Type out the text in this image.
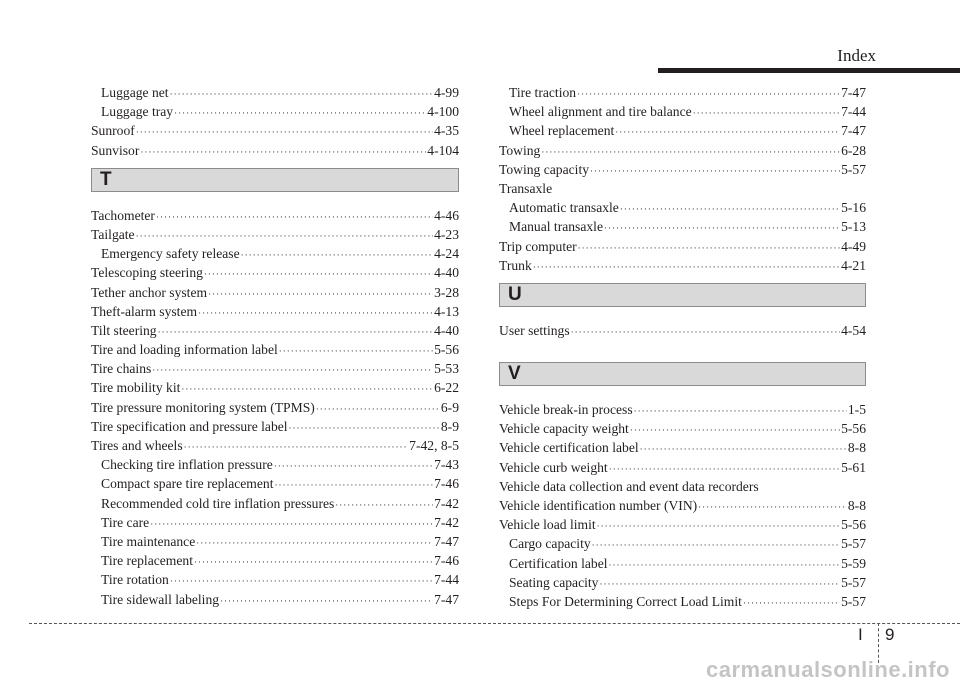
Index
Luggage net ·····	4-99
Luggage tray ·····	4-100
Sunroof ·····	4-35
Sunvisor ·····	4-104
T
Tachometer ·····	4-46
Tailgate ·····	4-23
Emergency safety release ·····	4-24
Telescoping steering ·····	4-40
Tether anchor system ·····	3-28
Theft-alarm system ·····	4-13
Tilt steering ·····	4-40
Tire and loading information label ·····	5-56
Tire chains ·····	5-53
Tire mobility kit ·····	6-22
Tire pressure monitoring system (TPMS) ·····	6-9
Tire specification and pressure label ·····	8-9
Tires and wheels ·····	7-42, 8-5
Checking tire inflation pressure ·····	7-43
Compact spare tire replacement ·····	7-46
Recommended cold tire inflation pressures ·····	7-42
Tire care ·····	7-42
Tire maintenance ·····	7-47
Tire replacement ·····	7-46
Tire rotation ·····	7-44
Tire sidewall labeling ·····	7-47
Tire traction ·····	7-47
Wheel alignment and tire balance ·····	7-44
Wheel replacement ·····	7-47
Towing ·····	6-28
Towing capacity ·····	5-57
Transaxle
Automatic transaxle ·····	5-16
Manual transaxle ·····	5-13
Trip computer ·····	4-49
Trunk ·····	4-21
U
User settings ·····	4-54
V
Vehicle break-in process ·····	1-5
Vehicle capacity weight ·····	5-56
Vehicle certification label ·····	8-8
Vehicle curb weight ·····	5-61
Vehicle data collection and event data recorders
Vehicle identification number (VIN) ·····	8-8
Vehicle load limit ·····	5-56
Cargo capacity ·····	5-57
Certification label ·····	5-59
Seating capacity ·····	5-57
Steps For Determining Correct Load Limit ·····	5-57
I 9
carmanualsonline.info
